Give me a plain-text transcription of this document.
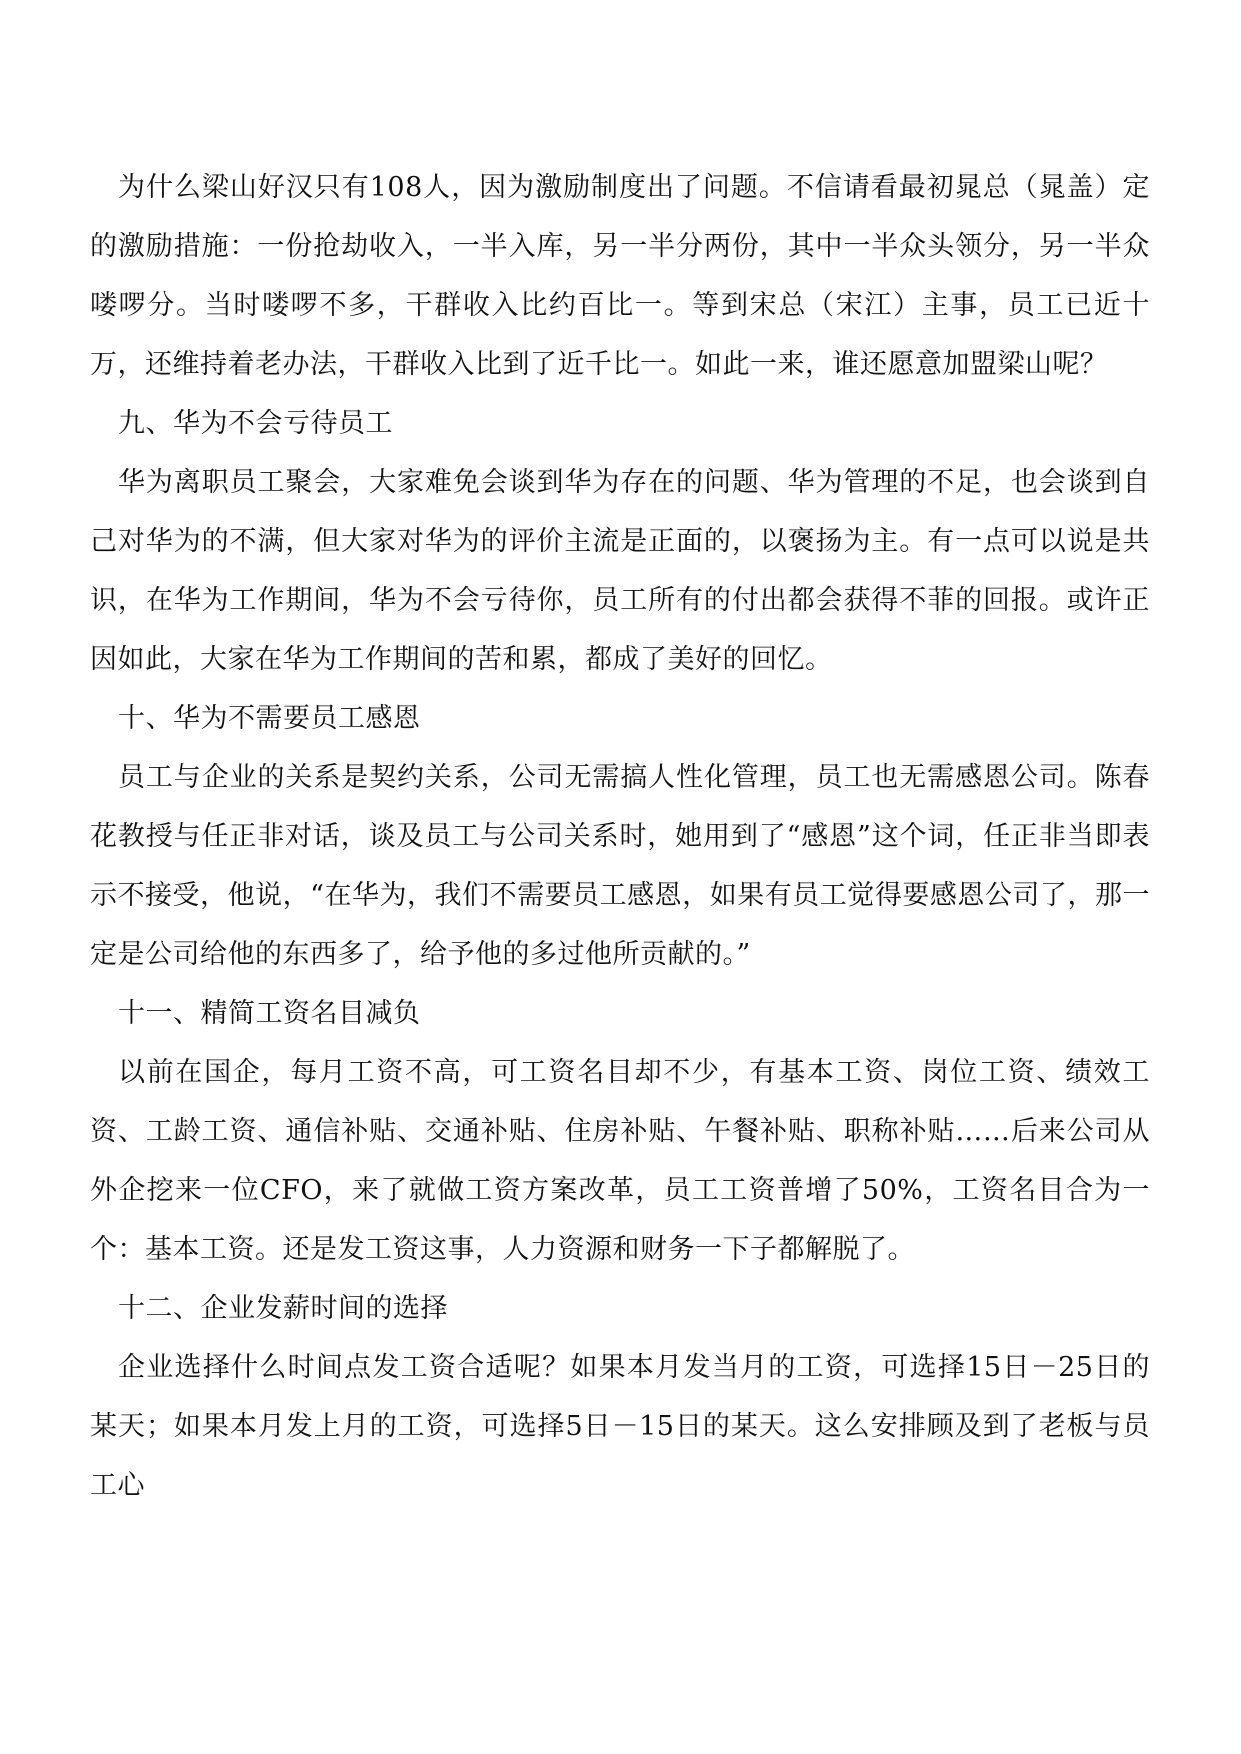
为什么梁山好汉只有108人，因为激励制度出了问题。不信请看最初晁总（晁盖）定的激励措施：一份抢劫收入，一半入库，另一半分两份，其中一半众头领分，另一半众喽啰分。当时喽啰不多，干群收入比约百比一。等到宋总（宋江）主事，员工已近十万，还维持着老办法，干群收入比到了近千比一。如此一来，谁还愿意加盟梁山呢？

九、华为不会亏待员工

华为离职员工聚会，大家难免会谈到华为存在的问题、华为管理的不足，也会谈到自己对华为的不满，但大家对华为的评价主流是正面的，以褒扬为主。有一点可以说是共识，在华为工作期间，华为不会亏待你，员工所有的付出都会获得不菲的回报。或许正因如此，大家在华为工作期间的苦和累，都成了美好的回忆。

十、华为不需要员工感恩

员工与企业的关系是契约关系，公司无需搞人性化管理，员工也无需感恩公司。陈春花教授与任正非对话，谈及员工与公司关系时，她用到了“感恩”这个词，任正非当即表示不接受，他说，“在华为，我们不需要员工感恩，如果有员工觉得要感恩公司了，那一定是公司给他的东西多了，给予他的多过他所贡献的。”

十一、精简工资名目减负

以前在国企，每月工资不高，可工资名目却不少，有基本工资、岗位工资、绩效工资、工龄工资、通信补贴、交通补贴、住房补贴、午餐补贴、职称补贴……后来公司从外企挖来一位CFO，来了就做工资方案改革，员工工资普增了50%，工资名目合为一个：基本工资。还是发工资这事，人力资源和财务一下子都解脱了。

十二、企业发薪时间的选择

企业选择什么时间点发工资合适呢？如果本月发当月的工资，可选择15日－25日的某天；如果本月发上月的工资，可选择5日－15日的某天。这么安排顾及到了老板与员工心
